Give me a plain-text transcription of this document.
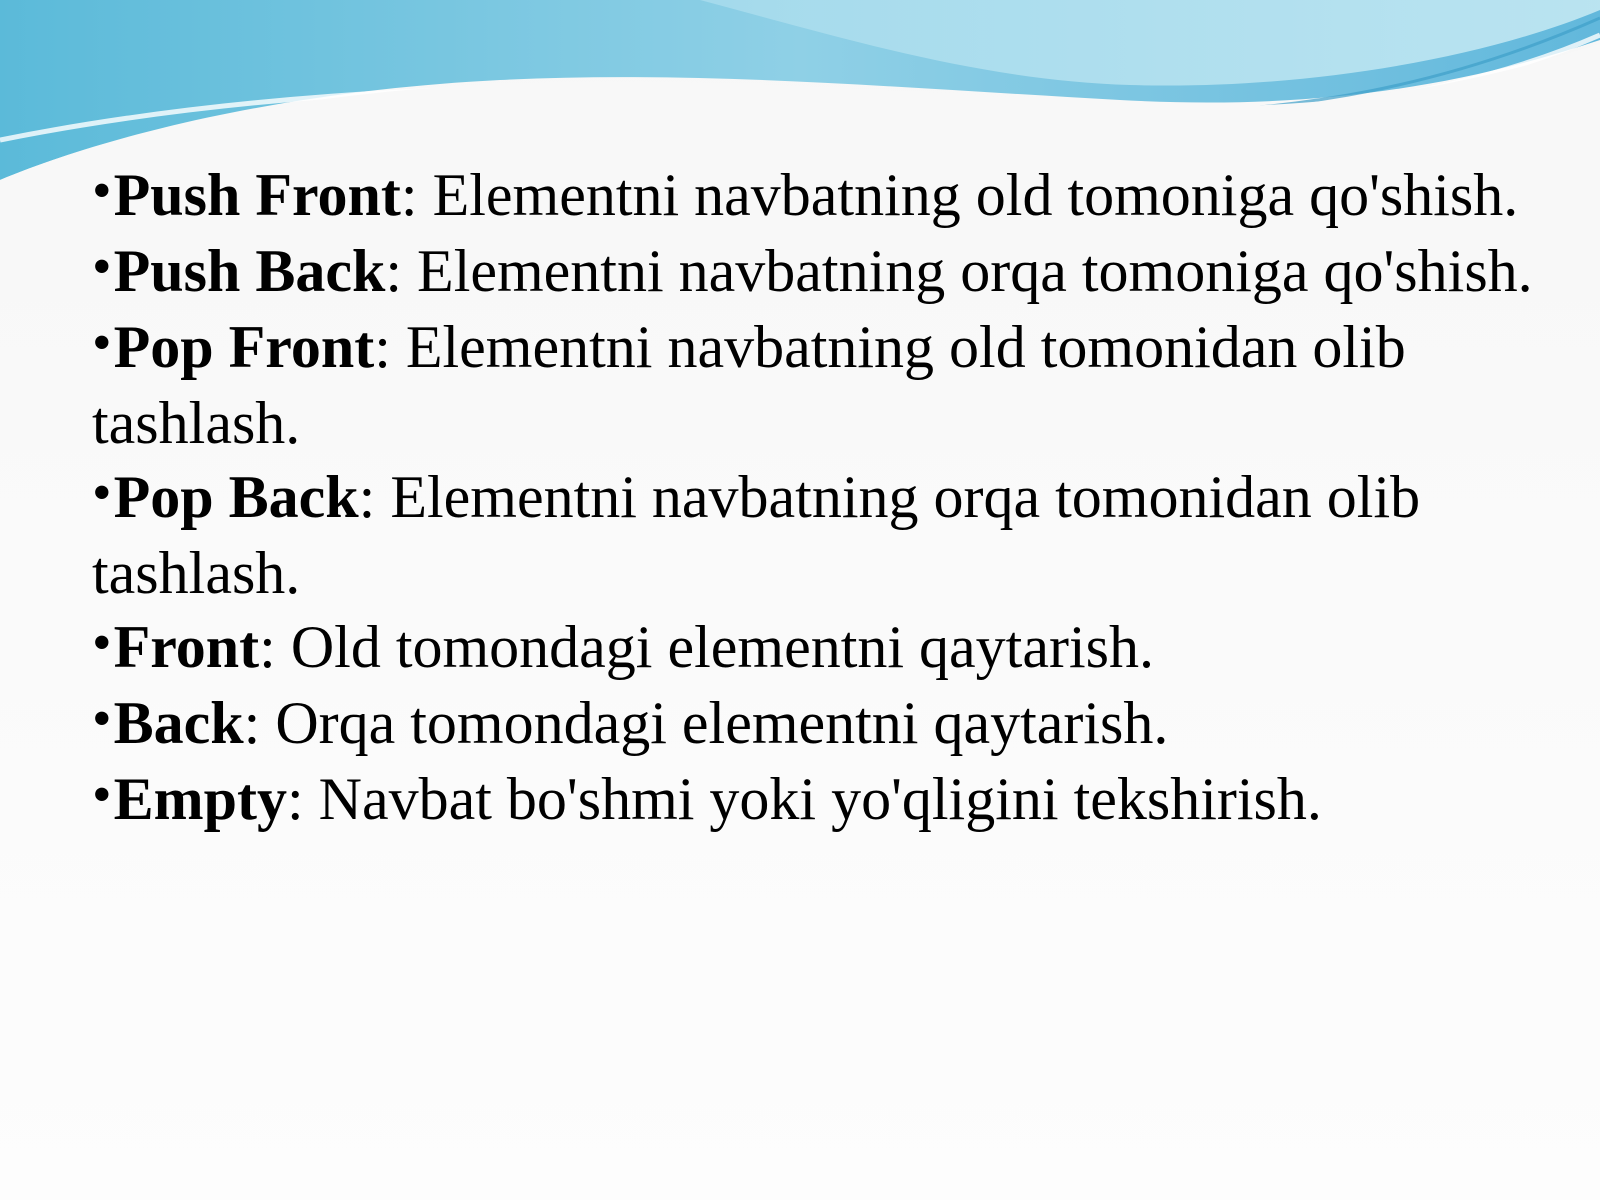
•Push Front: Elementni navbatning old tomoniga qo'shish.

•Push Back: Elementni navbatning orqa tomoniga qo'shish.

•Pop Front: Elementni navbatning old tomonidan olib tashlash.

•Pop Back: Elementni navbatning orqa tomonidan olib tashlash.

•Front: Old tomondagi elementni qaytarish.

•Back: Orqa tomondagi elementni qaytarish.

•Empty: Navbat bo'shmi yoki yo'qligini tekshirish.
